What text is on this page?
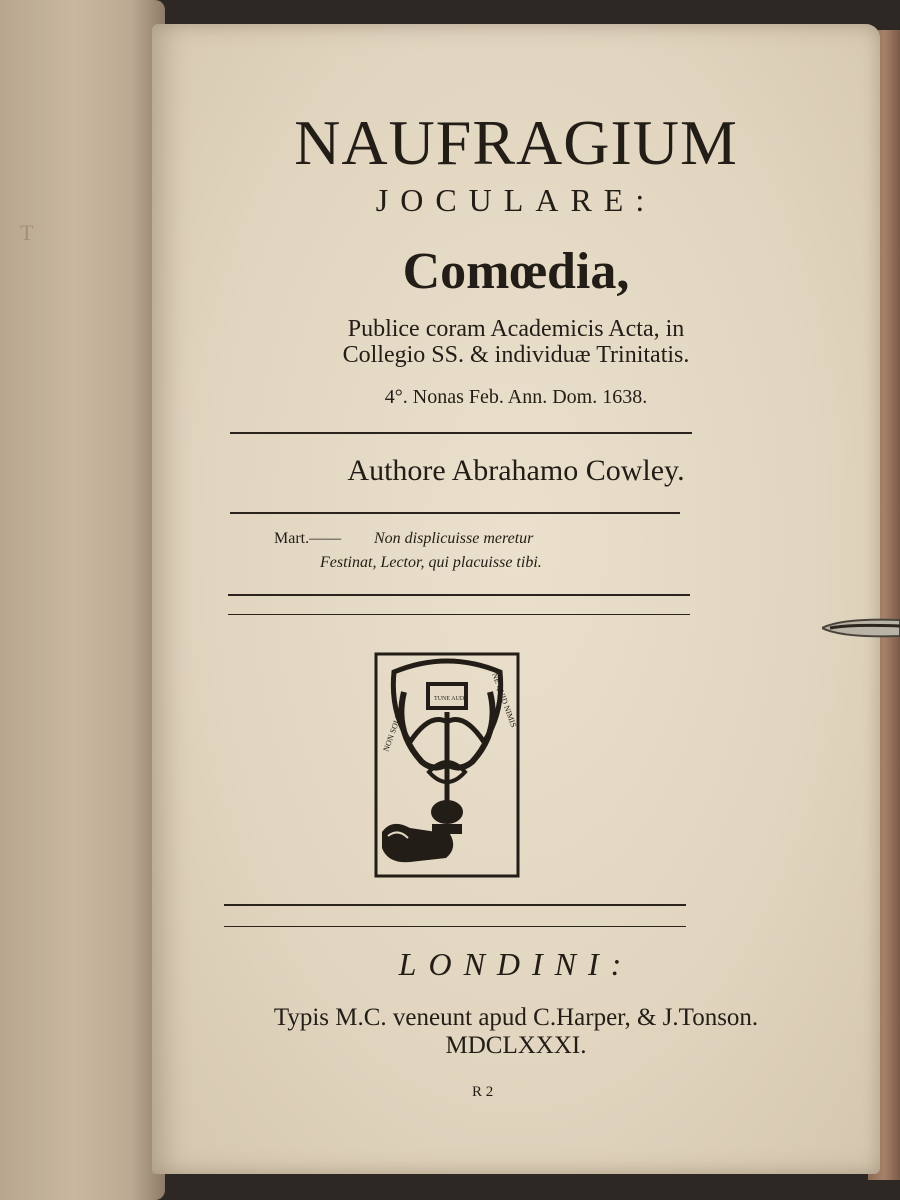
T
NAUFRAGIUM
JOCULARE:
Comœdia,
Publice coram Academicis Acta, in
Collegio SS. & individuæ Trinitatis.
4°. Nonas Feb. Ann. Dom. 1638.
Authore Abrahamo Cowley.
Mart.—— Non displicuisse meretur
Festinat, Lector, qui placuisse tibi.
NON SOLUS
NE QUID NIMIS
TUNE AUDE
LONDINI:
Typis M.C. veneunt apud C.Harper, & J.Tonson.
MDCLXXXI.
R 2
